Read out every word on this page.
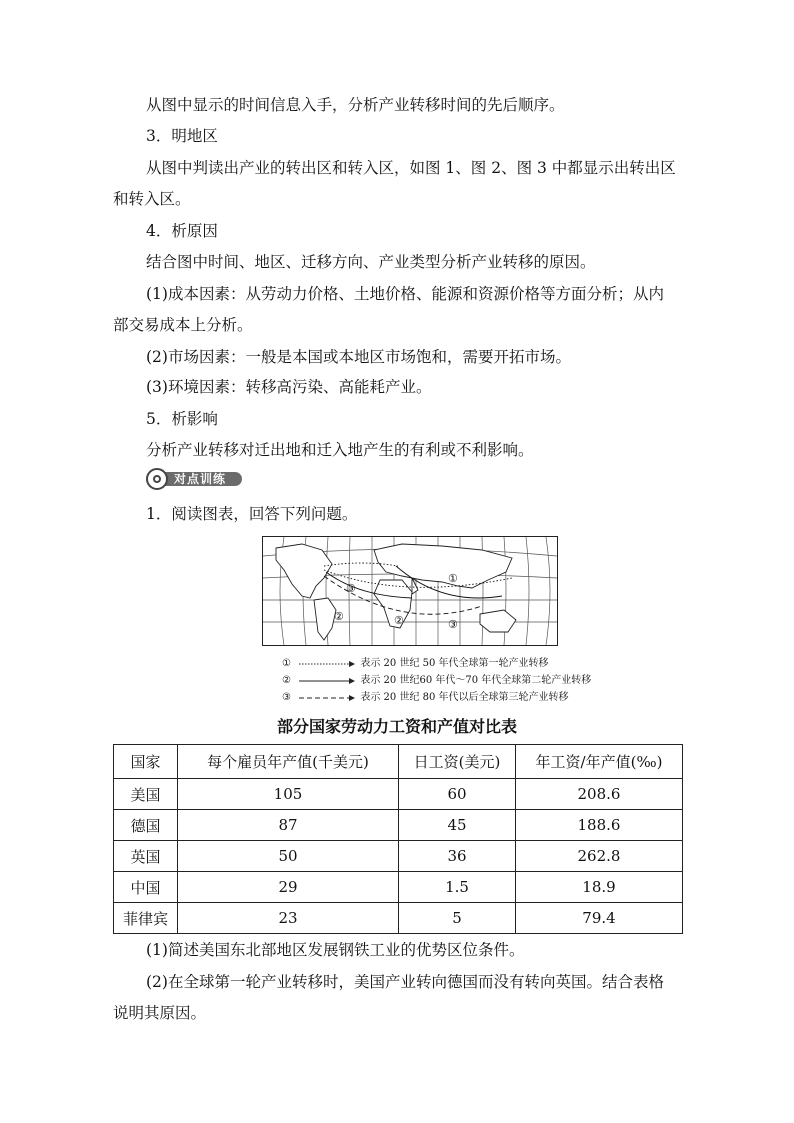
从图中显示的时间信息入手，分析产业转移时间的先后顺序。
3．明地区
从图中判读出产业的转出区和转入区，如图 1、图 2、图 3 中都显示出转出区
和转入区。
4．析原因
结合图中时间、地区、迁移方向、产业类型分析产业转移的原因。
(1)成本因素：从劳动力价格、土地价格、能源和资源价格等方面分析；从内
部交易成本上分析。
(2)市场因素：一般是本国或本地区市场饱和，需要开拓市场。
(3)环境因素：转移高污染、高能耗产业。
5．析影响
分析产业转移对迁出地和迁入地产生的有利或不利影响。
对点训练
1．阅读图表，回答下列问题。
①
③
②	②	③
①	表示 20 世纪 50 年代全球第一轮产业转移
②	表示 20 世纪60 年代～70 年代全球第二轮产业转移
③	表示 20 世纪 80 年代以后全球第三轮产业转移
部分国家劳动力工资和产值对比表
国家	每个雇员年产值(千美元)	日工资(美元)	年工资/年产值(‰)
美国	105	60	208.6
德国	87	45	188.6
英国	50	36	262.8
中国	29	1.5	18.9
菲律宾	23	5	79.4
(1)简述美国东北部地区发展钢铁工业的优势区位条件。
(2)在全球第一轮产业转移时，美国产业转向德国而没有转向英国。结合表格
说明其原因。
